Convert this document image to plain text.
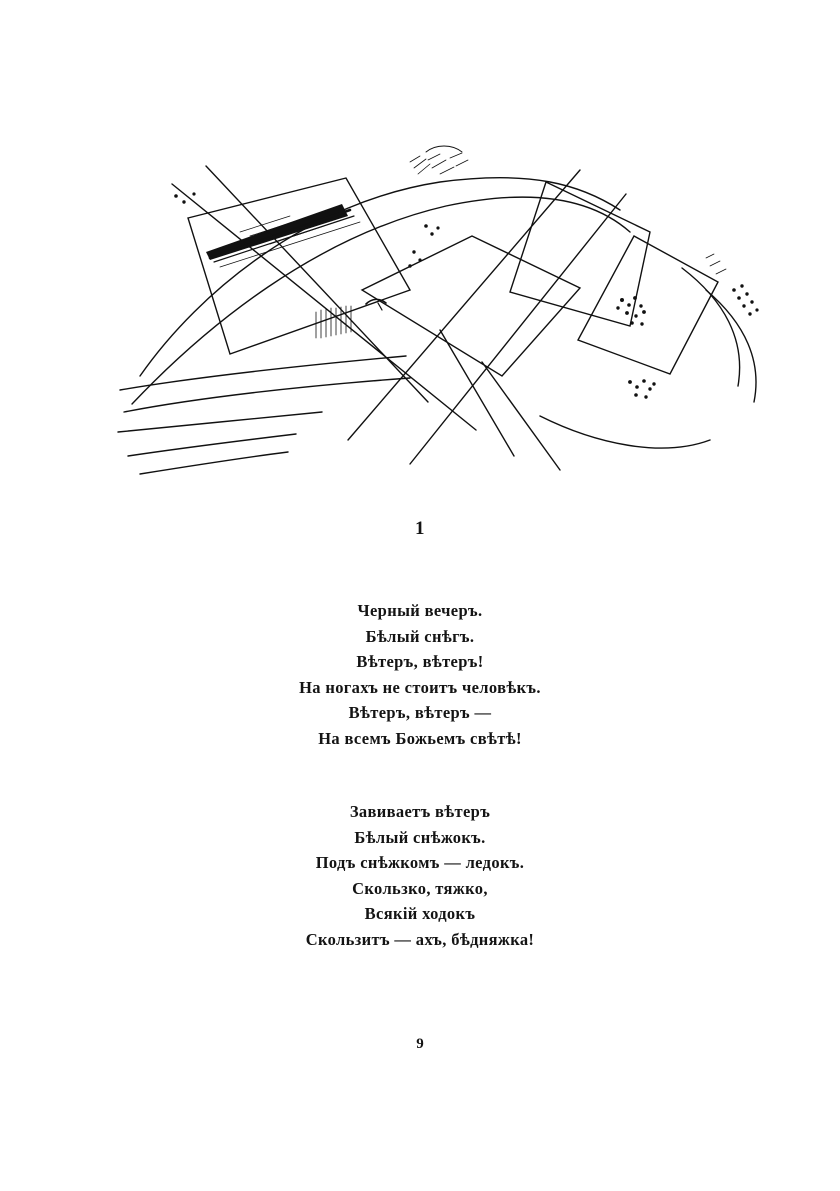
1
Черный вечеръ.
Бѣлый снѣгъ.
Вѣтеръ, вѣтеръ!
На ногахъ не стоитъ человѣкъ.
Вѣтеръ, вѣтеръ —
На всемъ Божьемъ свѣтѣ!
Завиваетъ вѣтеръ
Бѣлый снѣжокъ.
Подъ снѣжкомъ — ледокъ.
Скользко, тяжко,
Всякій ходокъ
Скользитъ — ахъ, бѣдняжка!
9
